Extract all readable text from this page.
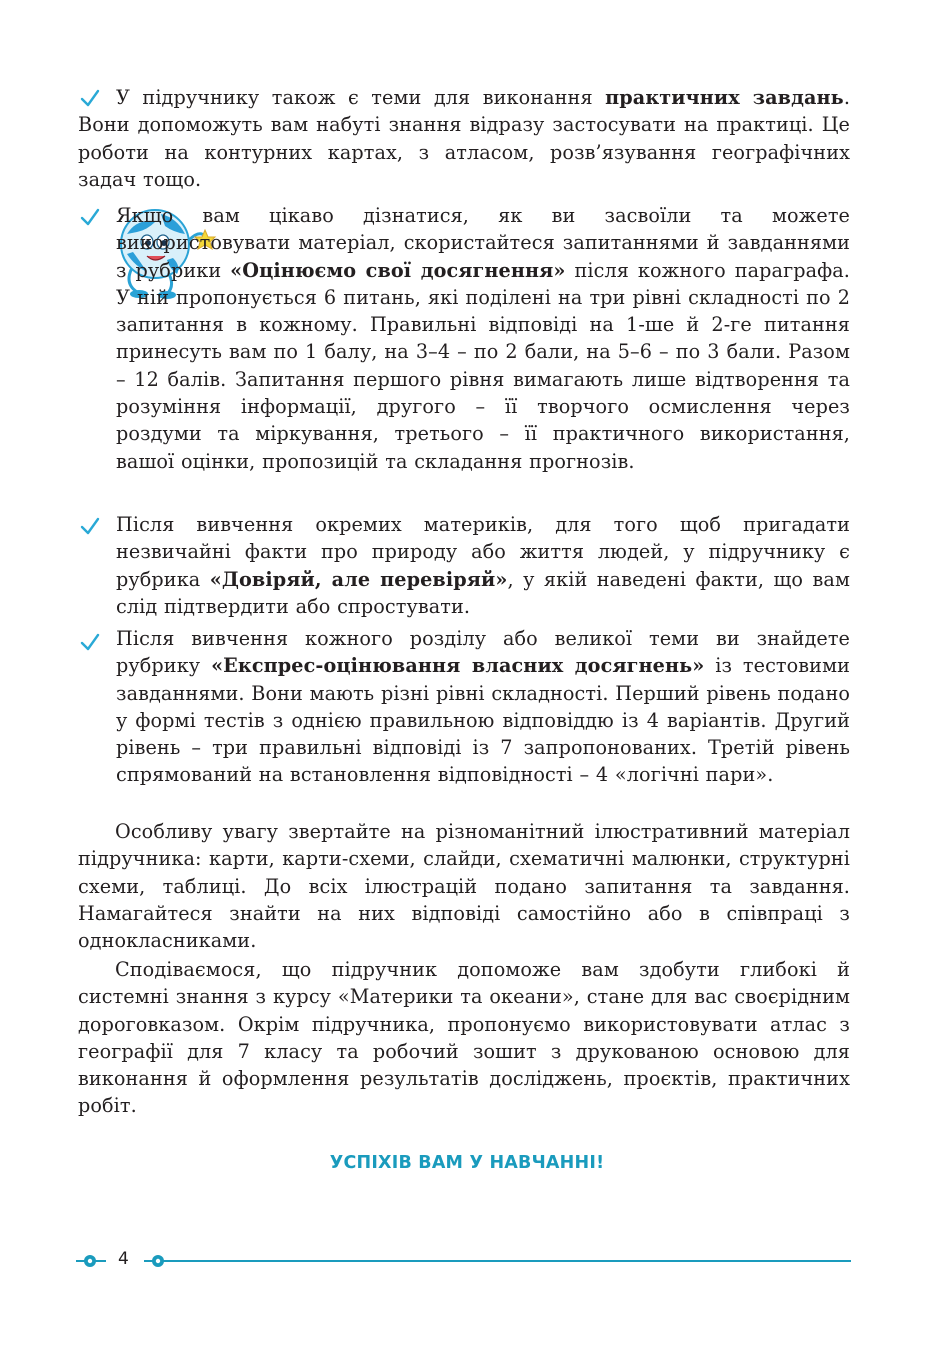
У підручнику також є теми для виконання практичних завдань. Вони допоможуть вам набуті знання відразу застосувати на практиці. Це роботи на контурних картах, з атласом, розв’язування географічних задач тощо.

Якщо вам цікаво дізнатися, як ви засвоїли та можете використовувати матеріал, скористайтеся запитаннями й завданнями з рубрики «Оцінюємо свої досягнення» після кожного параграфа. У ній пропонується 6 питань, які поділені на три рівні складності по 2 запитання в кожному. Правильні відповіді на 1-ше й 2-ге питання принесуть вам по 1 балу, на 3–4 – по 2 бали, на 5–6 – по 3 бали. Разом – 12 балів. Запитання першого рівня вимагають лише відтворення та розуміння інформації, другого – її творчого осмислення через роздуми та міркування, третього – її практичного використання, вашої оцінки, пропозицій та складання прогнозів.

Після вивчення окремих материків, для того щоб пригадати незвичайні факти про природу або життя людей, у підручнику є рубрика «Довіряй, але перевіряй», у якій наведені факти, що вам слід підтвердити або спростувати.

Після вивчення кожного розділу або великої теми ви знайдете рубрику «Експрес-оцінювання власних досягнень» із тестовими завданнями. Вони мають різні рівні складності. Перший рівень подано у формі тестів з однією правильною відповіддю із 4 варіантів. Другий рівень – три правильні відповіді із 7 запропонованих. Третій рівень спрямований на встановлення відповідності – 4 «логічні пари».

Особливу увагу звертайте на різноманітний ілюстративний матеріал підручника: карти, карти-схеми, слайди, схематичні малюнки, структурні схеми, таблиці. До всіх ілюстрацій подано запитання та завдання. Намагайтеся знайти на них відповіді самостійно або в співпраці з однокласниками.

Сподіваємося, що підручник допоможе вам здобути глибокі й системні знання з курсу «Материки та океани», стане для вас своєрідним дороговказом. Окрім підручника, пропонуємо використовувати атлас з географії для 7 класу та робочий зошит з друкованою основою для виконання й оформлення результатів досліджень, проєктів, практичних робіт.

УСПІХІВ ВАМ У НАВЧАННІ!
4
